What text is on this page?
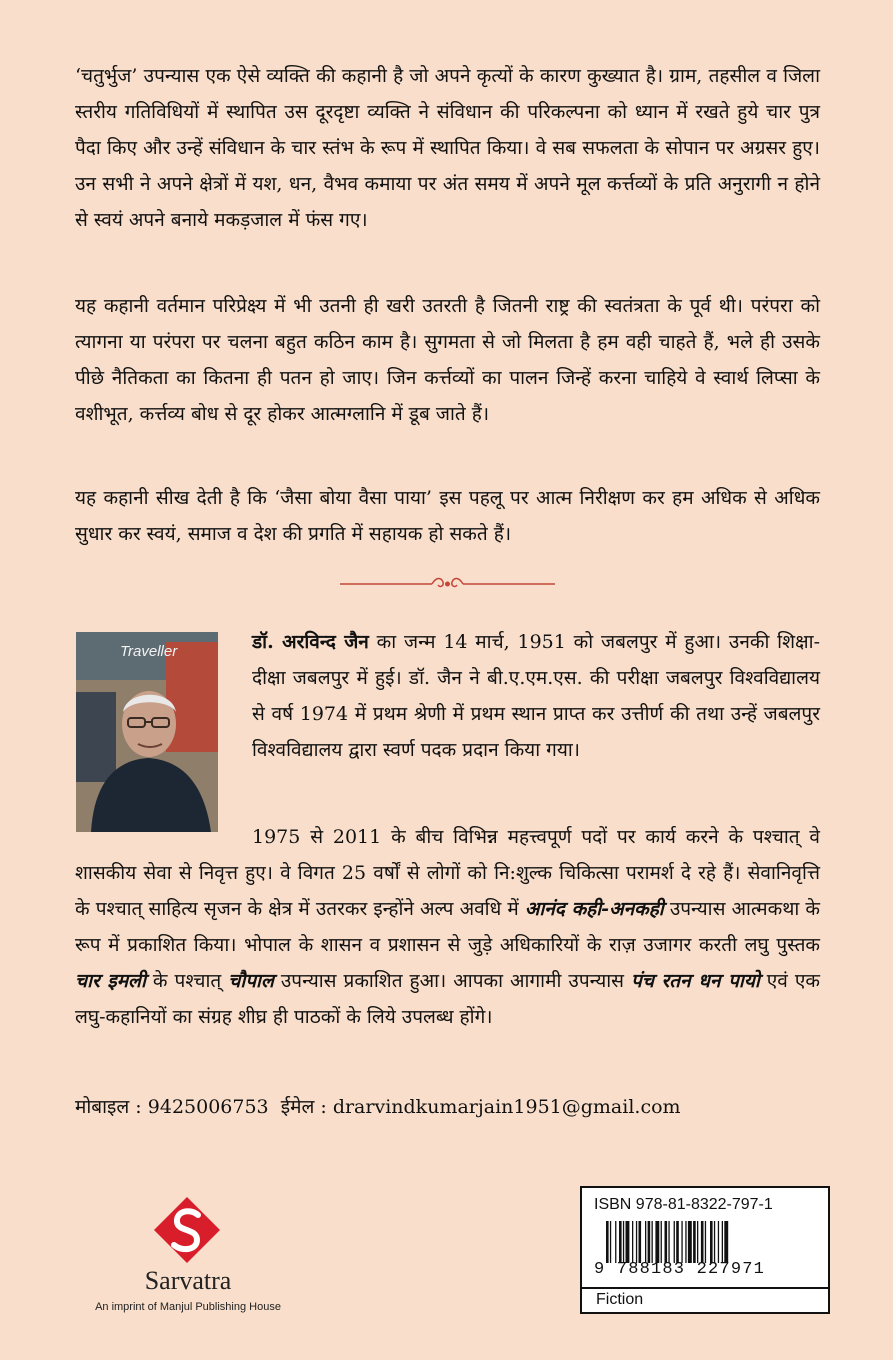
‘चतुर्भुज’ उपन्यास एक ऐसे व्यक्ति की कहानी है जो अपने कृत्यों के कारण कुख्यात है। ग्राम, तहसील व जिला स्तरीय गतिविधियों में स्थापित उस दूरदृष्टा व्यक्ति ने संविधान की परिकल्पना को ध्यान में रखते हुये चार पुत्र पैदा किए और उन्हें संविधान के चार स्तंभ के रूप में स्थापित किया। वे सब सफलता के सोपान पर अग्रसर हुए। उन सभी ने अपने क्षेत्रों में यश, धन, वैभव कमाया पर अंत समय में अपने मूल कर्त्तव्यों के प्रति अनुरागी न होने से स्वयं अपने बनाये मकड़जाल में फंस गए।

यह कहानी वर्तमान परिप्रेक्ष्य में भी उतनी ही खरी उतरती है जितनी राष्ट्र की स्वतंत्रता के पूर्व थी। परंपरा को त्यागना या परंपरा पर चलना बहुत कठिन काम है। सुगमता से जो मिलता है हम वही चाहते हैं, भले ही उसके पीछे नैतिकता का कितना ही पतन हो जाए। जिन कर्त्तव्यों का पालन जिन्हें करना चाहिये वे स्वार्थ लिप्सा के वशीभूत, कर्त्तव्य बोध से दूर होकर आत्मग्लानि में डूब जाते हैं।

यह कहानी सीख देती है कि ‘जैसा बोया वैसा पाया’ इस पहलू पर आत्म निरीक्षण कर हम अधिक से अधिक सुधार कर स्वयं, समाज व देश की प्रगति में सहायक हो सकते हैं।

Traveller	डॉ. अरविन्द जैन का जन्म 14 मार्च, 1951 को जबलपुर में हुआ। उनकी शिक्षा-दीक्षा जबलपुर में हुई। डॉ. जैन ने बी.ए.एम.एस. की परीक्षा जबलपुर विश्वविद्यालय से वर्ष 1974 में प्रथम श्रेणी में प्रथम स्थान प्राप्त कर उत्तीर्ण की तथा उन्हें जबलपुर विश्वविद्यालय द्वारा स्वर्ण पदक प्रदान किया गया।

1975 से 2011 के बीच विभिन्न महत्त्वपूर्ण पदों पर कार्य करने के पश्चात् वे शासकीय सेवा से निवृत्त हुए। वे विगत 25 वर्षों से लोगों को नि:शुल्क चिकित्सा परामर्श दे रहे हैं। सेवानिवृत्ति के पश्चात् साहित्य सृजन के क्षेत्र में उतरकर इन्होंने अल्प अवधि में आनंद कही-अनकही उपन्यास आत्मकथा के रूप में प्रकाशित किया। भोपाल के शासन व प्रशासन से जुड़े अधिकारियों के राज़ उजागर करती लघु पुस्तक चार इमली के पश्चात् चौपाल उपन्यास प्रकाशित हुआ। आपका आगामी उपन्यास पंच रतन धन पायो एवं एक लघु-कहानियों का संग्रह शीघ्र ही पाठकों के लिये उपलब्ध होंगे।

मोबाइल : 9425006753 ईमेल : drarvindkumarjain1951@gmail.com
Sarvatra
An imprint of Manjul Publishing House
ISBN 978-81-8322-797-1
9 788183 227971
Fiction
